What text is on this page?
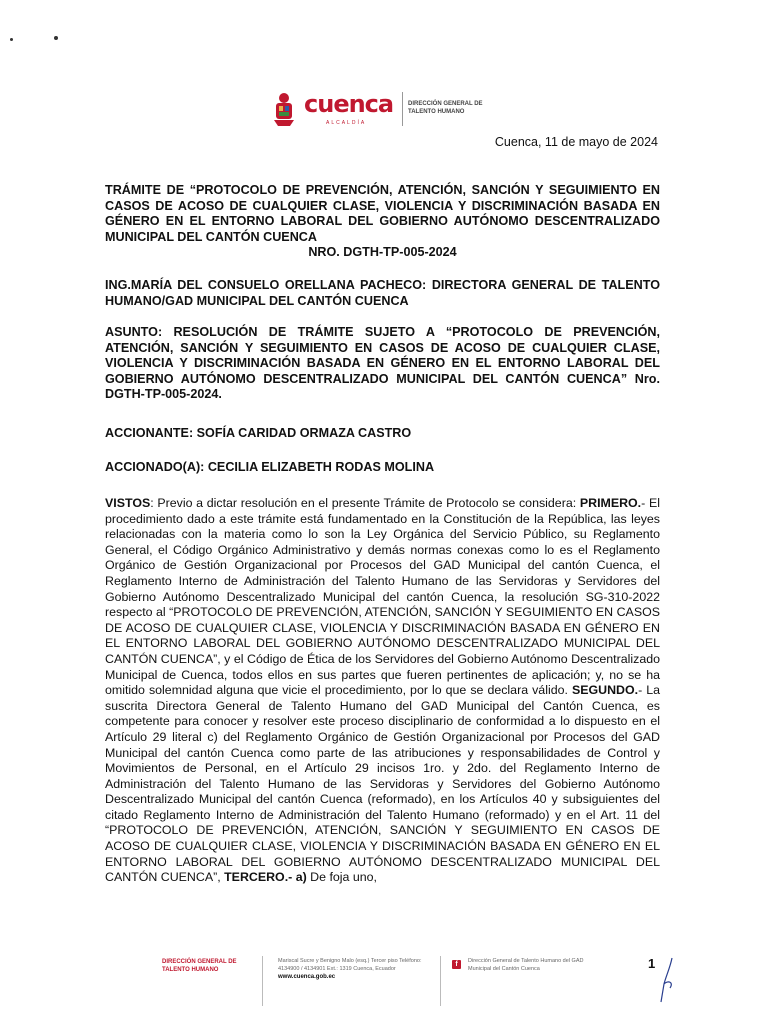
cuenca
ALCALDÍA
DIRECCIÓN GENERAL DE TALENTO HUMANO
Cuenca, 11 de mayo de 2024
TRÁMITE DE “PROTOCOLO DE PREVENCIÓN, ATENCIÓN, SANCIÓN Y SEGUIMIENTO EN CASOS DE ACOSO DE CUALQUIER CLASE, VIOLENCIA Y DISCRIMINACIÓN BASADA EN GÉNERO EN EL ENTORNO LABORAL DEL GOBIERNO AUTÓNOMO DESCENTRALIZADO MUNICIPAL DEL CANTÓN CUENCA
NRO. DGTH-TP-005-2024
ING.MARÍA DEL CONSUELO ORELLANA PACHECO: DIRECTORA GENERAL DE TALENTO HUMANO/GAD MUNICIPAL DEL CANTÓN CUENCA
ASUNTO: RESOLUCIÓN DE TRÁMITE SUJETO A “PROTOCOLO DE PREVENCIÓN, ATENCIÓN, SANCIÓN Y SEGUIMIENTO EN CASOS DE ACOSO DE CUALQUIER CLASE, VIOLENCIA Y DISCRIMINACIÓN BASADA EN GÉNERO EN EL ENTORNO LABORAL DEL GOBIERNO AUTÓNOMO DESCENTRALIZADO MUNICIPAL DEL CANTÓN CUENCA” Nro. DGTH-TP-005-2024.
ACCIONANTE: SOFÍA CARIDAD ORMAZA CASTRO
ACCIONADO(A): CECILIA ELIZABETH RODAS MOLINA
VISTOS: Previo a dictar resolución en el presente Trámite de Protocolo se considera: PRIMERO.- El procedimiento dado a este trámite está fundamentado en la Constitución de la República, las leyes relacionadas con la materia como lo son la Ley Orgánica del Servicio Público, su Reglamento General, el Código Orgánico Administrativo y demás normas conexas como lo es el Reglamento Orgánico de Gestión Organizacional por Procesos del GAD Municipal del cantón Cuenca, el Reglamento Interno de Administración del Talento Humano de las Servidoras y Servidores del Gobierno Autónomo Descentralizado Municipal del cantón Cuenca, la resolución SG-310-2022 respecto al “PROTOCOLO DE PREVENCIÓN, ATENCIÓN, SANCIÓN Y SEGUIMIENTO EN CASOS DE ACOSO DE CUALQUIER CLASE, VIOLENCIA Y DISCRIMINACIÓN BASADA EN GÉNERO EN EL ENTORNO LABORAL DEL GOBIERNO AUTÓNOMO DESCENTRALIZADO MUNICIPAL DEL CANTÓN CUENCA”, y el Código de Ética de los Servidores del Gobierno Autónomo Descentralizado Municipal de Cuenca, todos ellos en sus partes que fueren pertinentes de aplicación; y, no se ha omitido solemnidad alguna que vicie el procedimiento, por lo que se declara válido. SEGUNDO.- La suscrita Directora General de Talento Humano del GAD Municipal del Cantón Cuenca, es competente para conocer y resolver este proceso disciplinario de conformidad a lo dispuesto en el Artículo 29 literal c) del Reglamento Orgánico de Gestión Organizacional por Procesos del GAD Municipal del cantón Cuenca como parte de las atribuciones y responsabilidades de Control y Movimientos de Personal, en el Artículo 29 incisos 1ro. y 2do. del Reglamento Interno de Administración del Talento Humano de las Servidoras y Servidores del Gobierno Autónomo Descentralizado Municipal del cantón Cuenca (reformado), en los Artículos 40 y subsiguientes del citado Reglamento Interno de Administración del Talento Humano (reformado) y en el Art. 11 del “PROTOCOLO DE PREVENCIÓN, ATENCIÓN, SANCIÓN Y SEGUIMIENTO EN CASOS DE ACOSO DE CUALQUIER CLASE, VIOLENCIA Y DISCRIMINACIÓN BASADA EN GÉNERO EN EL ENTORNO LABORAL DEL GOBIERNO AUTÓNOMO DESCENTRALIZADO MUNICIPAL DEL CANTÓN CUENCA”, TERCERO.- a) De foja uno,
DIRECCIÓN GENERAL DE TALENTO HUMANO
Mariscal Sucre y Benigno Malo (esq.) Tercer piso Teléfono: 4134900 / 4134901 Ext.: 1319 Cuenca, Ecuador
www.cuenca.gob.ec
f	Dirección General de Talento Humano del GAD Municipal del Cantón Cuenca	1
